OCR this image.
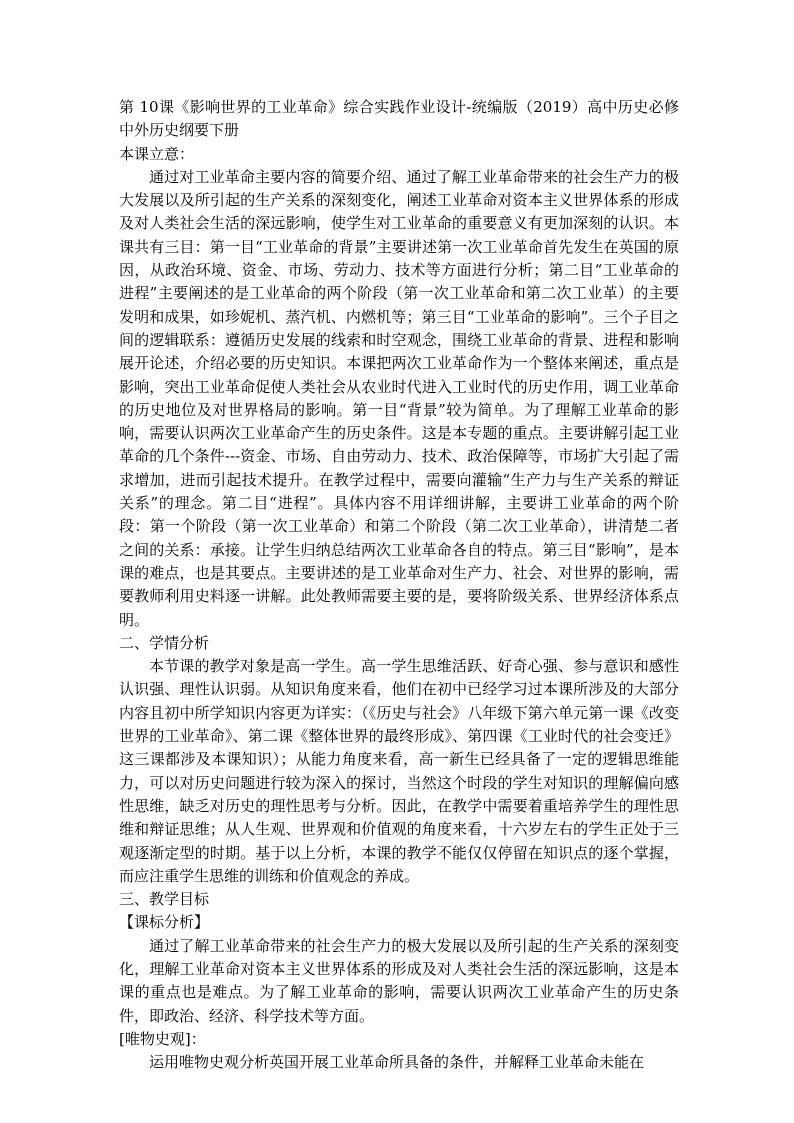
第 10课《影响世界的工业革命》综合实践作业设计-统编版（2019）高中历史必修中外历史纲要下册

本课立意：

通过对工业革命主要内容的简要介绍、通过了解工业革命带来的社会生产力的极大发展以及所引起的生产关系的深刻变化，阐述工业革命对资本主义世界体系的形成及对人类社会生活的深远影响，使学生对工业革命的重要意义有更加深刻的认识。本课共有三目：第一目“工业革命的背景”主要讲述第一次工业革命首先发生在英国的原因，从政治环境、资金、市场、劳动力、技术等方面进行分析；第二目“工业革命的进程”主要阐述的是工业革命的两个阶段（第一次工业革命和第二次工业革）的主要发明和成果，如珍妮机、蒸汽机、内燃机等；第三目“工业革命的影响”。三个子目之间的逻辑联系：遵循历史发展的线索和时空观念，围绕工业革命的背景、进程和影响展开论述，介绍必要的历史知识。本课把两次工业革命作为一个整体来阐述，重点是影响，突出工业革命促使人类社会从农业时代进入工业时代的历史作用，调工业革命的历史地位及对世界格局的影响。第一目“背景”较为简单。为了理解工业革命的影响，需要认识两次工业革命产生的历史条件。这是本专题的重点。主要讲解引起工业革命的几个条件---资金、市场、自由劳动力、技术、政治保障等，市场扩大引起了需求增加，进而引起技术提升。在教学过程中，需要向灌输“生产力与生产关系的辩证关系”的理念。第二目“进程”。具体内容不用详细讲解，主要讲工业革命的两个阶段：第一个阶段（第一次工业革命）和第二个阶段（第二次工业革命），讲清楚二者之间的关系：承接。让学生归纳总结两次工业革命各自的特点。第三目“影响”，是本课的难点，也是其要点。主要讲述的是工业革命对生产力、社会、对世界的影响，需要教师利用史料逐一讲解。此处教师需要主要的是，要将阶级关系、世界经济体系点明。

二、学情分析

本节课的教学对象是高一学生。高一学生思维活跃、好奇心强、参与意识和感性认识强、理性认识弱。从知识角度来看，他们在初中已经学习过本课所涉及的大部分内容且初中所学知识内容更为详实：（《历史与社会》八年级下第六单元第一课《改变世界的工业革命》、第二课《整体世界的最终形成》、第四课《工业时代的社会变迁》这三课都涉及本课知识）；从能力角度来看，高一新生已经具备了一定的逻辑思维能力，可以对历史问题进行较为深入的探讨，当然这个时段的学生对知识的理解偏向感性思维，缺乏对历史的理性思考与分析。因此，在教学中需要着重培养学生的理性思维和辩证思维；从人生观、世界观和价值观的角度来看，十六岁左右的学生正处于三观逐渐定型的时期。基于以上分析，本课的教学不能仅仅停留在知识点的逐个掌握，而应注重学生思维的训练和价值观念的养成。

三、教学目标

【课标分析】

通过了解工业革命带来的社会生产力的极大发展以及所引起的生产关系的深刻变化，理解工业革命对资本主义世界体系的形成及对人类社会生活的深远影响，这是本课的重点也是难点。为了解工业革命的影响，需要认识两次工业革命产生的历史条件，即政治、经济、科学技术等方面。

[唯物史观]：

运用唯物史观分析英国开展工业革命所具备的条件，并解释工业革命未能在
